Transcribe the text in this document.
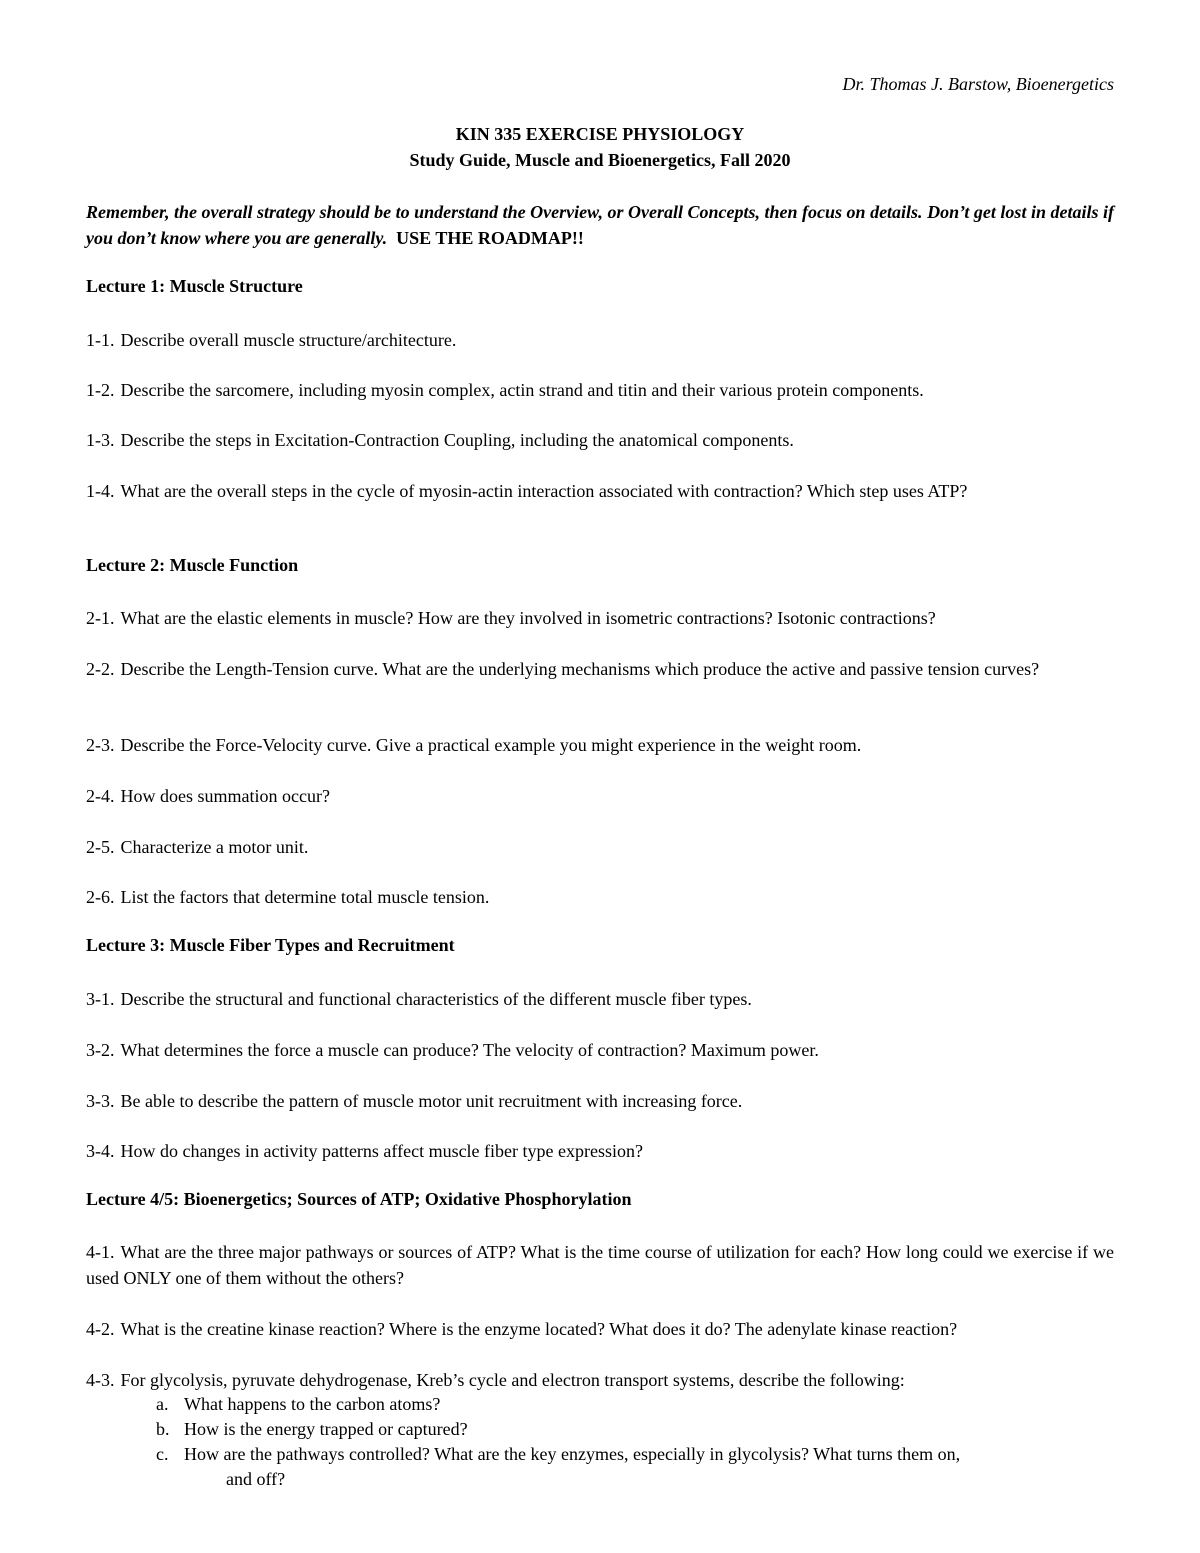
Dr. Thomas J. Barstow, Bioenergetics
KIN 335 EXERCISE PHYSIOLOGY
Study Guide, Muscle and Bioenergetics, Fall 2020
Remember, the overall strategy should be to understand the Overview, or Overall Concepts, then focus on details. Don’t get lost in details if you don’t know where you are generally. USE THE ROADMAP!!
Lecture 1: Muscle Structure
1-1. Describe overall muscle structure/architecture.
1-2. Describe the sarcomere, including myosin complex, actin strand and titin and their various protein components.
1-3. Describe the steps in Excitation-Contraction Coupling, including the anatomical components.
1-4. What are the overall steps in the cycle of myosin-actin interaction associated with contraction? Which step uses ATP?
Lecture 2: Muscle Function
2-1. What are the elastic elements in muscle? How are they involved in isometric contractions? Isotonic contractions?
2-2. Describe the Length-Tension curve. What are the underlying mechanisms which produce the active and passive tension curves?
2-3. Describe the Force-Velocity curve. Give a practical example you might experience in the weight room.
2-4. How does summation occur?
2-5. Characterize a motor unit.
2-6. List the factors that determine total muscle tension.
Lecture 3: Muscle Fiber Types and Recruitment
3-1. Describe the structural and functional characteristics of the different muscle fiber types.
3-2. What determines the force a muscle can produce? The velocity of contraction? Maximum power.
3-3. Be able to describe the pattern of muscle motor unit recruitment with increasing force.
3-4. How do changes in activity patterns affect muscle fiber type expression?
Lecture 4/5: Bioenergetics; Sources of ATP; Oxidative Phosphorylation
4-1. What are the three major pathways or sources of ATP? What is the time course of utilization for each? How long could we exercise if we used ONLY one of them without the others?
4-2. What is the creatine kinase reaction? Where is the enzyme located? What does it do? The adenylate kinase reaction?
4-3. For glycolysis, pyruvate dehydrogenase, Kreb’s cycle and electron transport systems, describe the following:
a. What happens to the carbon atoms?
b. How is the energy trapped or captured?
c. How are the pathways controlled? What are the key enzymes, especially in glycolysis? What turns them on,
and off?
